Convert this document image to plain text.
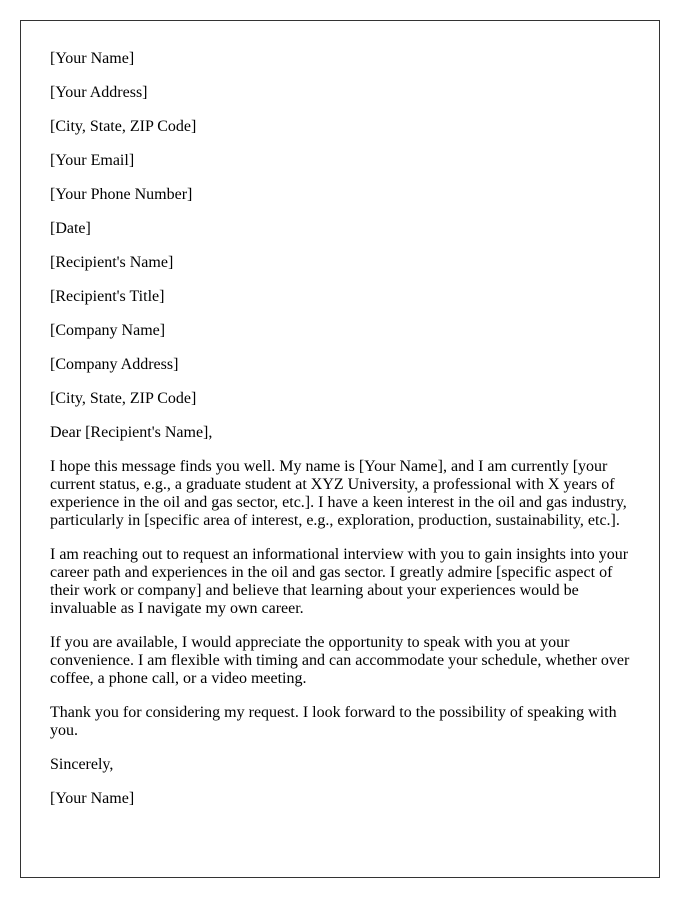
[Your Name]

[Your Address]

[City, State, ZIP Code]

[Your Email]

[Your Phone Number]

[Date]

[Recipient's Name]

[Recipient's Title]

[Company Name]

[Company Address]

[City, State, ZIP Code]

Dear [Recipient's Name],

I hope this message finds you well. My name is [Your Name], and I am currently [your current status, e.g., a graduate student at XYZ University, a professional with X years of experience in the oil and gas sector, etc.]. I have a keen interest in the oil and gas industry, particularly in [specific area of interest, e.g., exploration, production, sustainability, etc.].

I am reaching out to request an informational interview with you to gain insights into your career path and experiences in the oil and gas sector. I greatly admire [specific aspect of their work or company] and believe that learning about your experiences would be invaluable as I navigate my own career.

If you are available, I would appreciate the opportunity to speak with you at your convenience. I am flexible with timing and can accommodate your schedule, whether over coffee, a phone call, or a video meeting.

Thank you for considering my request. I look forward to the possibility of speaking with you.

Sincerely,

[Your Name]
